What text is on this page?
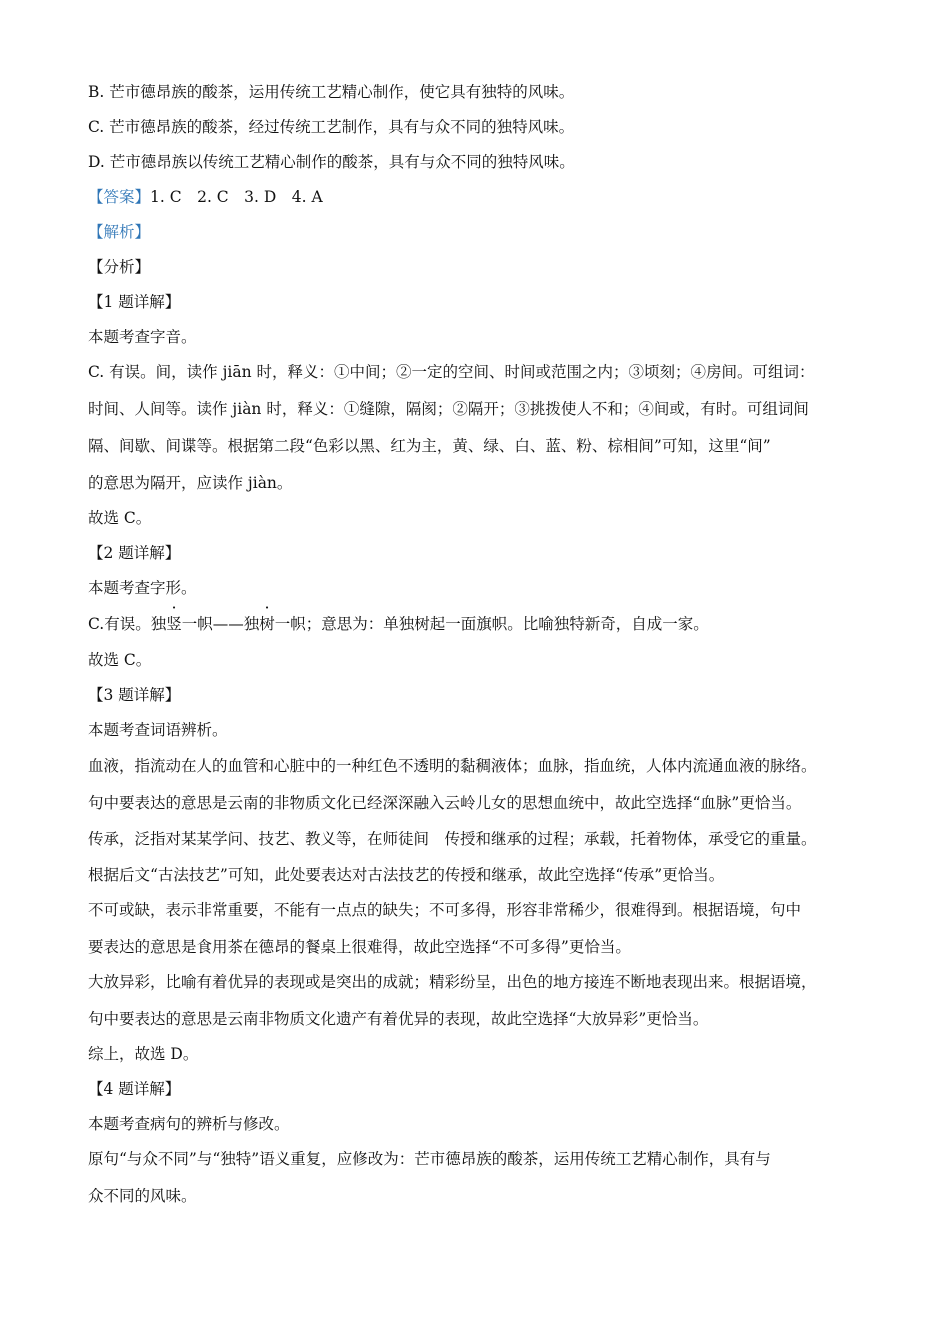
B. 芒市德昂族的酸茶，运用传统工艺精心制作，使它具有独特的风味。

C. 芒市德昂族的酸茶，经过传统工艺制作，具有与众不同的独特风味。

D. 芒市德昂族以传统工艺精心制作的酸茶，具有与众不同的独特风味。

【答案】1. C　2. C　3. D　4. A

【解析】

【分析】

【1 题详解】

本题考查字音。

C. 有误。间，读作 jiān 时，释义：①中间；②一定的空间、时间或范围之内；③顷刻；④房间。可组词：

时间、人间等。读作 jiàn 时，释义：①缝隙，隔阂；②隔开；③挑拨使人不和；④间或，有时。可组词间

隔、间歇、间谍等。根据第二段“色彩以黑、红为主，黄、绿、白、蓝、粉、棕相间”可知，这里“间”

的意思为隔开，应读作 jiàn。

故选 C。

【2 题详解】

本题考查字形。

C.有误。独竖一帜——独树一帜；意思为：单独树起一面旗帜。比喻独特新奇，自成一家。

故选 C。

【3 题详解】

本题考查词语辨析。

血液，指流动在人的血管和心脏中的一种红色不透明的黏稠液体；血脉，指血统，人体内流通血液的脉络。

句中要表达的意思是云南的非物质文化已经深深融入云岭儿女的思想血统中，故此空选择“血脉”更恰当。

传承，泛指对某某学问、技艺、教义等，在师徒间　传授和继承的过程；承载，托着物体，承受它的重量。

根据后文“古法技艺”可知，此处要表达对古法技艺的传授和继承，故此空选择“传承”更恰当。

不可或缺，表示非常重要，不能有一点点的缺失；不可多得，形容非常稀少，很难得到。根据语境，句中

要表达的意思是食用茶在德昂的餐桌上很难得，故此空选择“不可多得”更恰当。

大放异彩，比喻有着优异的表现或是突出的成就；精彩纷呈，出色的地方接连不断地表现出来。根据语境，

句中要表达的意思是云南非物质文化遗产有着优异的表现，故此空选择“大放异彩”更恰当。

综上，故选 D。

【4 题详解】

本题考查病句的辨析与修改。

原句“与众不同”与“独特”语义重复，应修改为：芒市德昂族的酸茶，运用传统工艺精心制作，具有与

众不同的风味。
